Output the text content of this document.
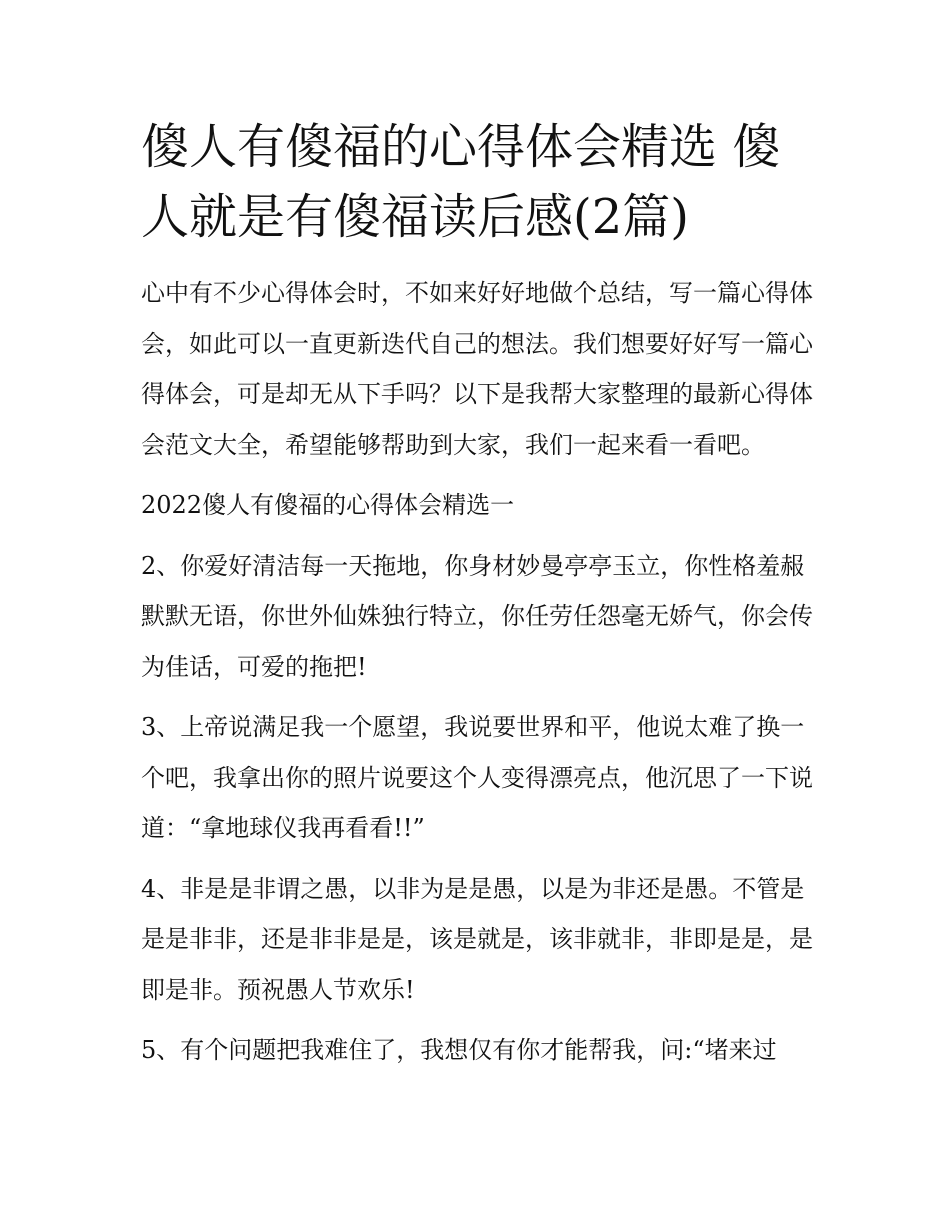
傻人有傻福的心得体会精选 傻人就是有傻福读后感(2篇)

心中有不少心得体会时，不如来好好地做个总结，写一篇心得体会，如此可以一直更新迭代自己的想法。我们想要好好写一篇心得体会，可是却无从下手吗？以下是我帮大家整理的最新心得体会范文大全，希望能够帮助到大家，我们一起来看一看吧。

2022傻人有傻福的心得体会精选一

2、你爱好清洁每一天拖地，你身材妙曼亭亭玉立，你性格羞赧默默无语，你世外仙姝独行特立，你任劳任怨毫无娇气，你会传为佳话，可爱的拖把!

3、上帝说满足我一个愿望，我说要世界和平，他说太难了换一个吧，我拿出你的照片说要这个人变得漂亮点，他沉思了一下说道：“拿地球仪我再看看!!”

4、非是是非谓之愚，以非为是是愚，以是为非还是愚。不管是是是非非，还是非非是是，该是就是，该非就非，非即是是，是即是非。预祝愚人节欢乐!

5、有个问题把我难住了，我想仅有你才能帮我，问:“堵来过
